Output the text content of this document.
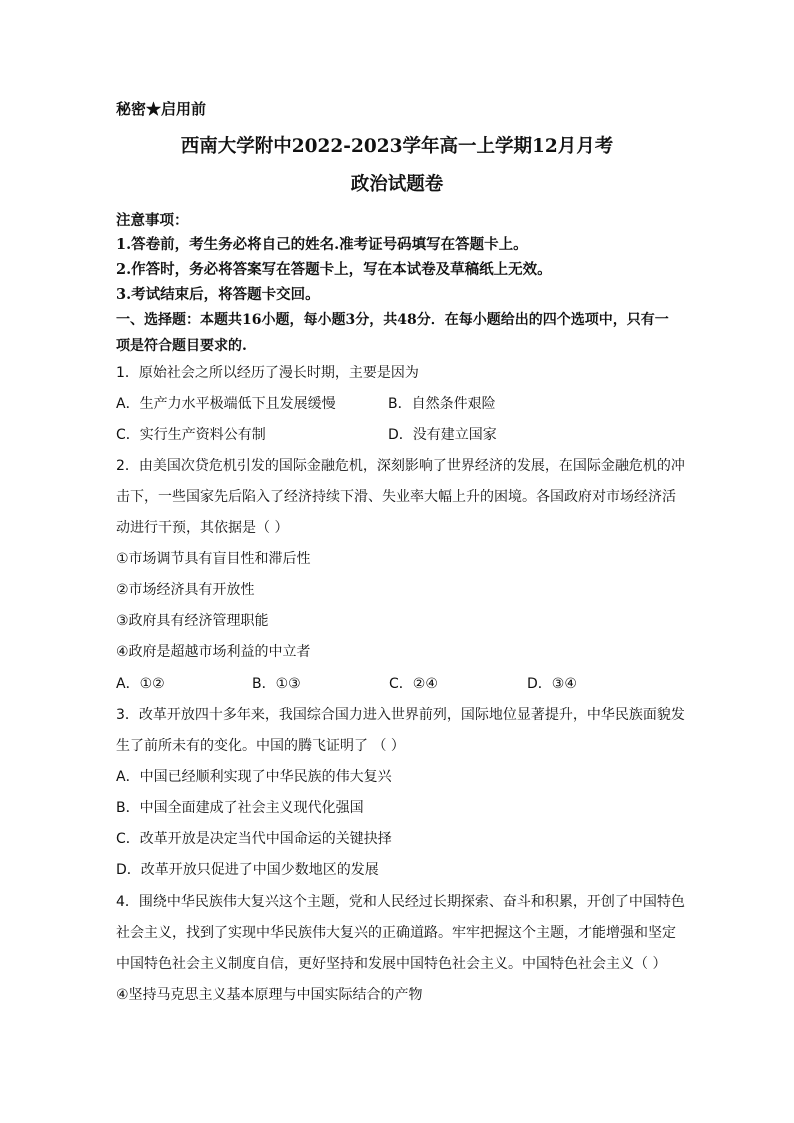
秘密★启用前
西南大学附中2022-2023学年高一上学期12月月考
政治试题卷
注意事项：
1.答卷前，考生务必将自己的姓名.准考证号码填写在答题卡上。
2.作答时，务必将答案写在答题卡上，写在本试卷及草稿纸上无效。
3.考试结束后，将答题卡交回。
一、选择题：本题共16小题，每小题3分，共48分．在每小题给出的四个选项中，只有一
项是符合题目要求的.
1．原始社会之所以经历了漫长时期，主要是因为
A．生产力水平极端低下且发展缓慢	B．自然条件艰险
C．实行生产资料公有制	D．没有建立国家
2．由美国次贷危机引发的国际金融危机，深刻影响了世界经济的发展，在国际金融危机的冲
击下，一些国家先后陷入了经济持续下滑、失业率大幅上升的困境。各国政府对市场经济活
动进行干预，其依据是（ ）
①市场调节具有盲目性和滞后性
②市场经济具有开放性
③政府具有经济管理职能
④政府是超越市场利益的中立者
A．①②	B．①③	C．②④	D．③④
3．改革开放四十多年来，我国综合国力进入世界前列，国际地位显著提升，中华民族面貌发
生了前所未有的变化。中国的腾飞证明了 （ ）
A．中国已经顺利实现了中华民族的伟大复兴
B．中国全面建成了社会主义现代化强国
C．改革开放是决定当代中国命运的关键抉择
D．改革开放只促进了中国少数地区的发展
4．围绕中华民族伟大复兴这个主题，党和人民经过长期探索、奋斗和积累，开创了中国特色
社会主义，找到了实现中华民族伟大复兴的正确道路。牢牢把握这个主题，才能增强和坚定
中国特色社会主义制度自信，更好坚持和发展中国特色社会主义。中国特色社会主义（ ）
④坚持马克思主义基本原理与中国实际结合的产物
